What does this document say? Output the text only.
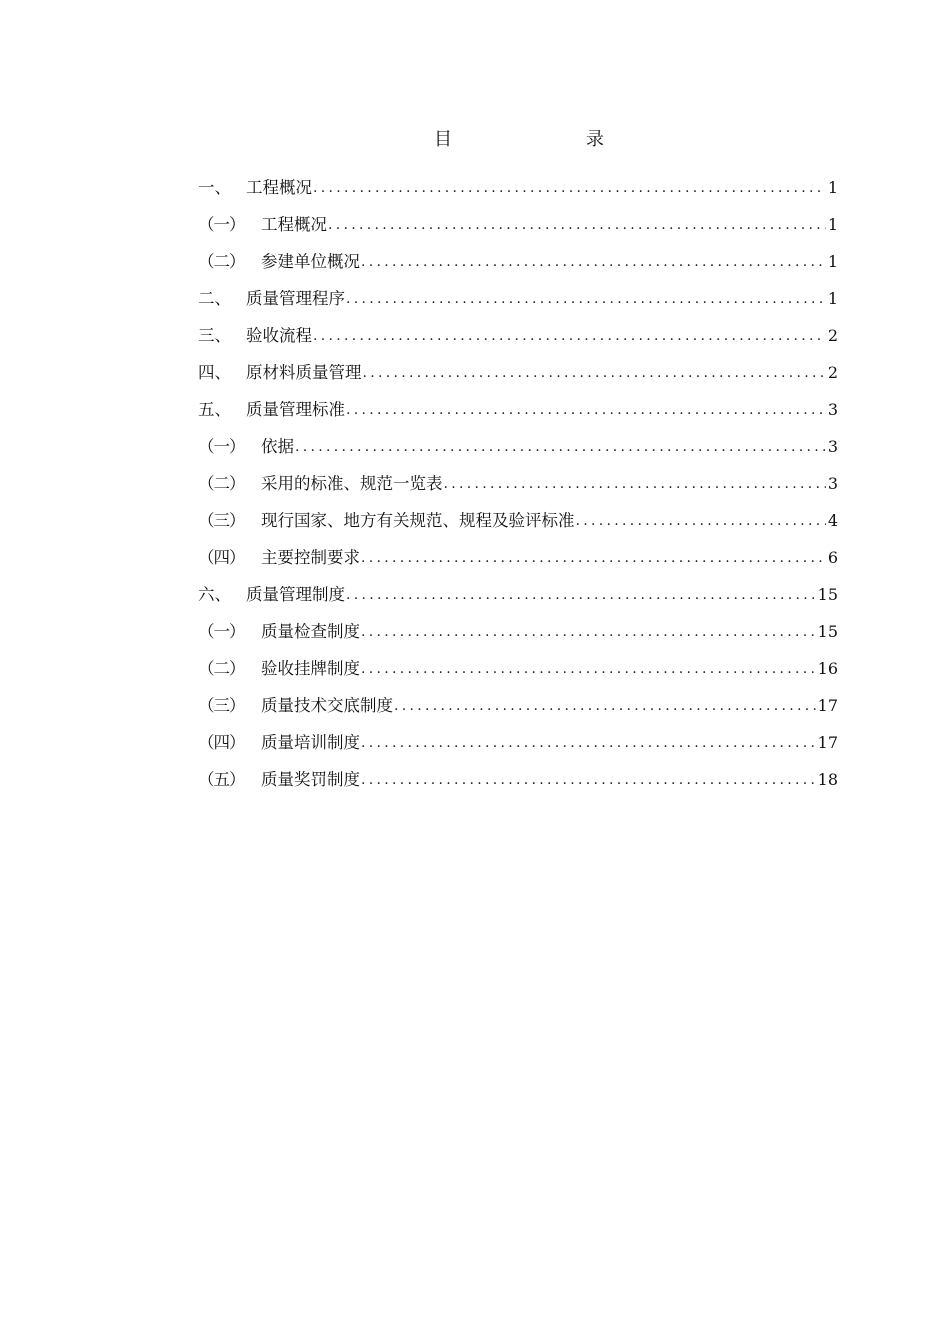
目	录
一、 工程概况 .....	1
（一）	工程概况 .....	1
（二）	参建单位概况 .....	1
二、 质量管理程序 .....	1
三、 验收流程 .....	2
四、 原材料质量管理 .....	2
五、 质量管理标准 .....	3
（一）	依据 .....	3
（二）	采用的标准、规范一览表 .....	3
（三）	现行国家、地方有关规范、规程及验评标准 .....	4
（四）	主要控制要求 .....	6
六、 质量管理制度 .....	15
（一）	质量检查制度 .....	15
（二）	验收挂牌制度 .....	16
（三）	质量技术交底制度 .....	17
（四）	质量培训制度 .....	17
（五）	质量奖罚制度 .....	18
